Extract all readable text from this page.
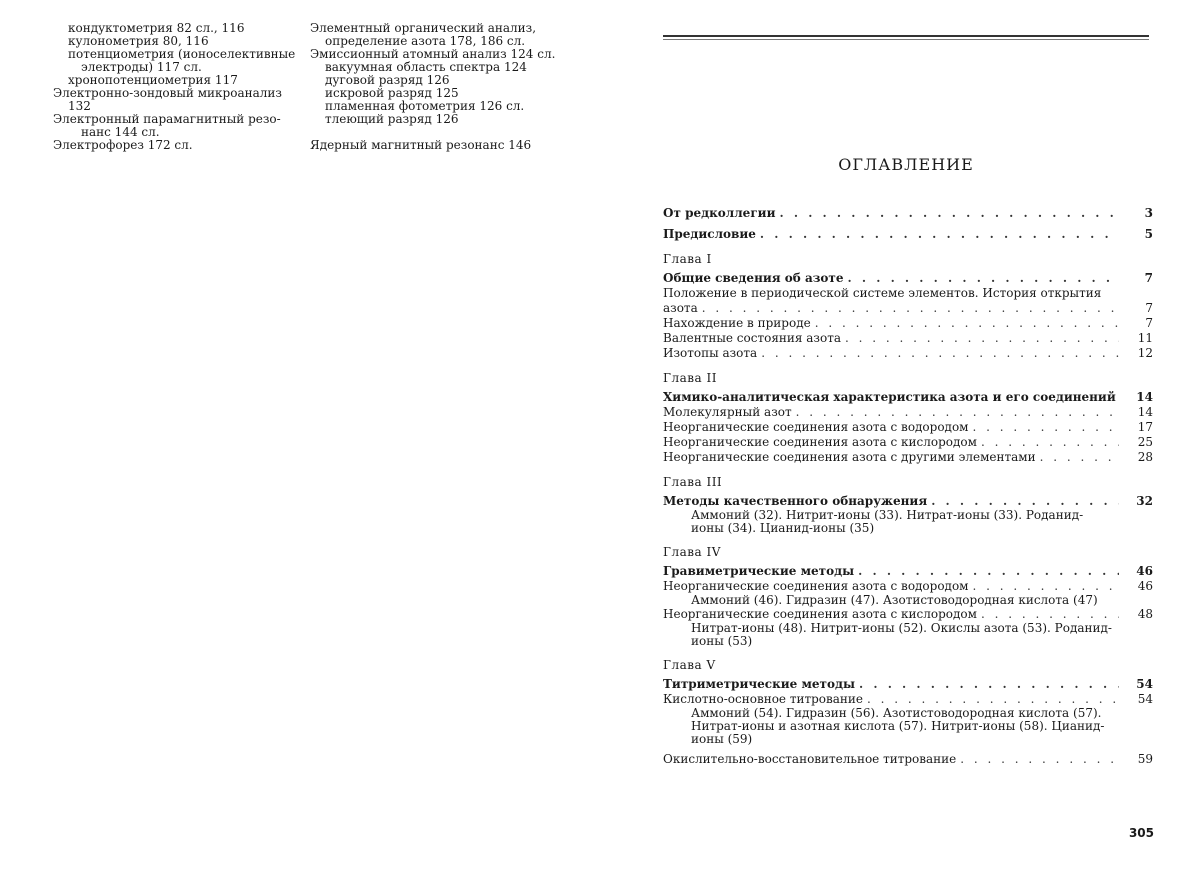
кондуктометрия 82 сл., 116
кулонометрия 80, 116
потенциометрия (ионоселективные
электроды) 117 сл.
хронопотенциометрия 117
Электронно-зондовый микроанализ
132
Электронный парамагнитный резо-
нанс 144 сл.
Электрофорез 172 сл.
Элементный органический анализ,
определение азота 178, 186 сл.
Эмиссионный атомный анализ 124 сл.
вакуумная область спектра 124
дуговой разряд 126
искровой разряд 125
пламенная фотометрия 126 сл.
тлеющий разряд 126
Ядерный магнитный резонанс 146
ОГЛАВЛЕНИЕ
От редколлегии . . .	3
Предисловие . . .	5
Глава I
Общие сведения об азоте . . .	7
Положение в периодической системе элементов. История открытия
азота . . .	7
Нахождение в природе . . .	7
Валентные состояния азота . . .	11
Изотопы азота . . .	12
Глава II
Химико-аналитическая характеристика азота и его соединений	14
Молекулярный азот . . .	14
Неорганические соединения азота с водородом . . .	17
Неорганические соединения азота с кислородом . . .	25
Неорганические соединения азота с другими элементами . . .	28
Глава III
Методы качественного обнаружения . . .	32
Аммоний (32). Нитрит-ионы (33). Нитрат-ионы (33). Роданид-ионы (34). Цианид-ионы (35)
Глава IV
Гравиметрические методы . . .	46
Неорганические соединения азота с водородом . . .	46
Аммоний (46). Гидразин (47). Азотистоводородная кислота (47)
Неорганические соединения азота с кислородом . . .	48
Нитрат-ионы (48). Нитрит-ионы (52). Окислы азота (53). Роданид-ионы (53)
Глава V
Титриметрические методы . . .	54
Кислотно-основное титрование . . .	54
Аммоний (54). Гидразин (56). Азотистоводородная кислота (57). Нитрат-ионы и азотная кислота (57). Нитрит-ионы (58). Цианид-ионы (59)
Окислительно-восстановительное титрование . . .	59
305
